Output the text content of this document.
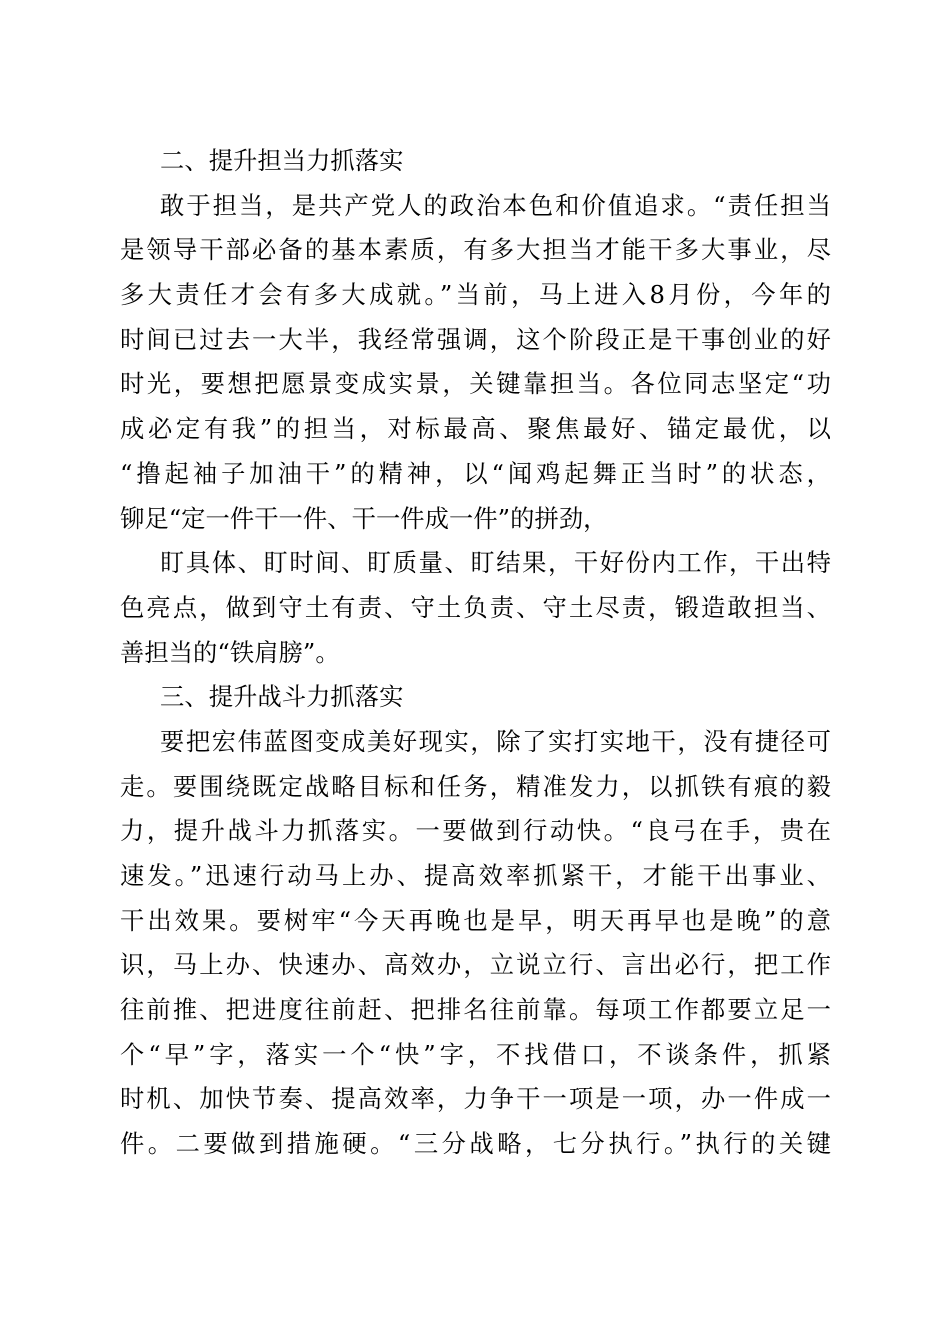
二、提升担当力抓落实
敢于担当，是共产党人的政治本色和价值追求。“责任担当
是领导干部必备的基本素质，有多大担当才能干多大事业，尽
多大责任才会有多大成就。”当前，马上进入8月份，今年的
时间已过去一大半，我经常强调，这个阶段正是干事创业的好
时光，要想把愿景变成实景，关键靠担当。各位同志坚定“功
成必定有我”的担当，对标最高、聚焦最好、锚定最优，以
“撸起袖子加油干”的精神，以“闻鸡起舞正当时”的状态，
铆足“定一件干一件、干一件成一件”的拼劲，
盯具体、盯时间、盯质量、盯结果，干好份内工作，干出特
色亮点，做到守土有责、守土负责、守土尽责，锻造敢担当、
善担当的“铁肩膀”。
三、提升战斗力抓落实
要把宏伟蓝图变成美好现实，除了实打实地干，没有捷径可
走。要围绕既定战略目标和任务，精准发力，以抓铁有痕的毅
力，提升战斗力抓落实。一要做到行动快。“良弓在手，贵在
速发。”迅速行动马上办、提高效率抓紧干，才能干出事业、
干出效果。要树牢“今天再晚也是早，明天再早也是晚”的意
识，马上办、快速办、高效办，立说立行、言出必行，把工作
往前推、把进度往前赶、把排名往前靠。每项工作都要立足一
个“早”字，落实一个“快”字，不找借口，不谈条件，抓紧
时机、加快节奏、提高效率，力争干一项是一项，办一件成一
件。二要做到措施硬。“三分战略，七分执行。”执行的关键
